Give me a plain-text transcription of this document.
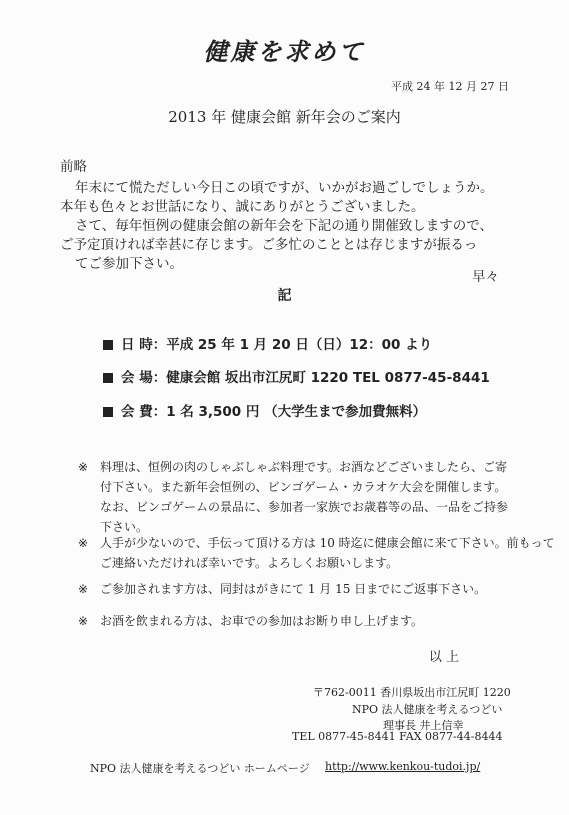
健康を求めて
平成 24 年 12 月 27 日
2013 年 健康会館 新年会のご案内
前略
年末にて慌ただしい今日この頃ですが、いかがお過ごしでしょうか。
本年も色々とお世話になり、誠にありがとうございました。
さて、毎年恒例の健康会館の新年会を下記の通り開催致しますので、
ご予定頂ければ幸甚に存じます。ご多忙のこととは存じますが振るっ
てご参加下さい。
早々
記
日 時：平成 25 年 1 月 20 日（日）12：00 より
会 場：健康会館 坂出市江尻町 1220 TEL 0877-45-8441
会 費：1 名 3,500 円 （大学生まで参加費無料）
※ 料理は、恒例の肉のしゃぶしゃぶ料理です。お酒などございましたら、ご寄
付下さい。また新年会恒例の、ビンゴゲーム・カラオケ大会を開催します。
なお、ビンゴゲームの景品に、参加者一家族でお歳暮等の品、一品をご持参
下さい。
※ 人手が少ないので、手伝って頂ける方は 10 時迄に健康会館に来て下さい。前もって
ご連絡いただければ幸いです。よろしくお願いします。
※ ご参加されます方は、同封はがきにて 1 月 15 日までにご返事下さい。
※ お酒を飲まれる方は、お車での参加はお断り申し上げます。
以 上
〒762-0011 香川県坂出市江尻町 1220
NPO 法人健康を考えるつどい
理事長 井上信幸
TEL 0877-45-8441 FAX 0877-44-8444
NPO 法人健康を考えるつどい ホームページ http://www.kenkou-tudoi.jp/
